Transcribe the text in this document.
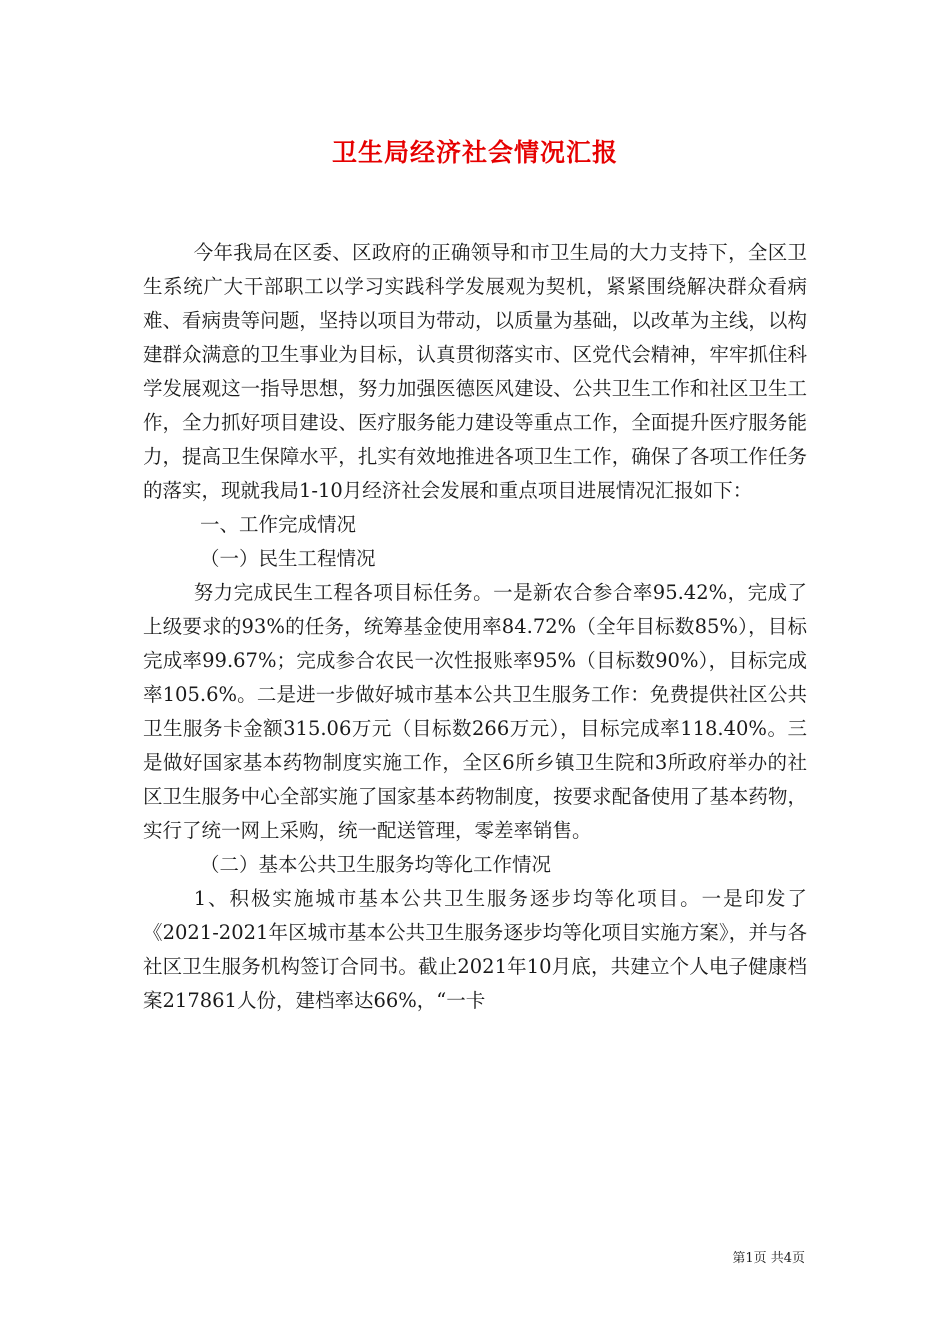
卫生局经济社会情况汇报

今年我局在区委、区政府的正确领导和市卫生局的大力支持下，全区卫生系统广大干部职工以学习实践科学发展观为契机，紧紧围绕解决群众看病难、看病贵等问题，坚持以项目为带动，以质量为基础，以改革为主线，以构建群众满意的卫生事业为目标，认真贯彻落实市、区党代会精神，牢牢抓住科学发展观这一指导思想，努力加强医德医风建设、公共卫生工作和社区卫生工作，全力抓好项目建设、医疗服务能力建设等重点工作，全面提升医疗服务能力，提高卫生保障水平，扎实有效地推进各项卫生工作，确保了各项工作任务的落实，现就我局1-10月经济社会发展和重点项目进展情况汇报如下：

一、工作完成情况

（一）民生工程情况

努力完成民生工程各项目标任务。一是新农合参合率95.42%，完成了上级要求的93%的任务，统筹基金使用率84.72%（全年目标数85%），目标完成率99.67%；完成参合农民一次性报账率95%（目标数90%），目标完成率105.6%。二是进一步做好城市基本公共卫生服务工作：免费提供社区公共卫生服务卡金额315.06万元（目标数266万元），目标完成率118.40%。三是做好国家基本药物制度实施工作，全区6所乡镇卫生院和3所政府举办的社区卫生服务中心全部实施了国家基本药物制度，按要求配备使用了基本药物，实行了统一网上采购，统一配送管理，零差率销售。

（二）基本公共卫生服务均等化工作情况

1、积极实施城市基本公共卫生服务逐步均等化项目。一是印发了《2021-2021年区城市基本公共卫生服务逐步均等化项目实施方案》，并与各社区卫生服务机构签订合同书。截止2021年10月底，共建立个人电子健康档案217861人份，建档率达66%，“一卡

第1页 共4页
